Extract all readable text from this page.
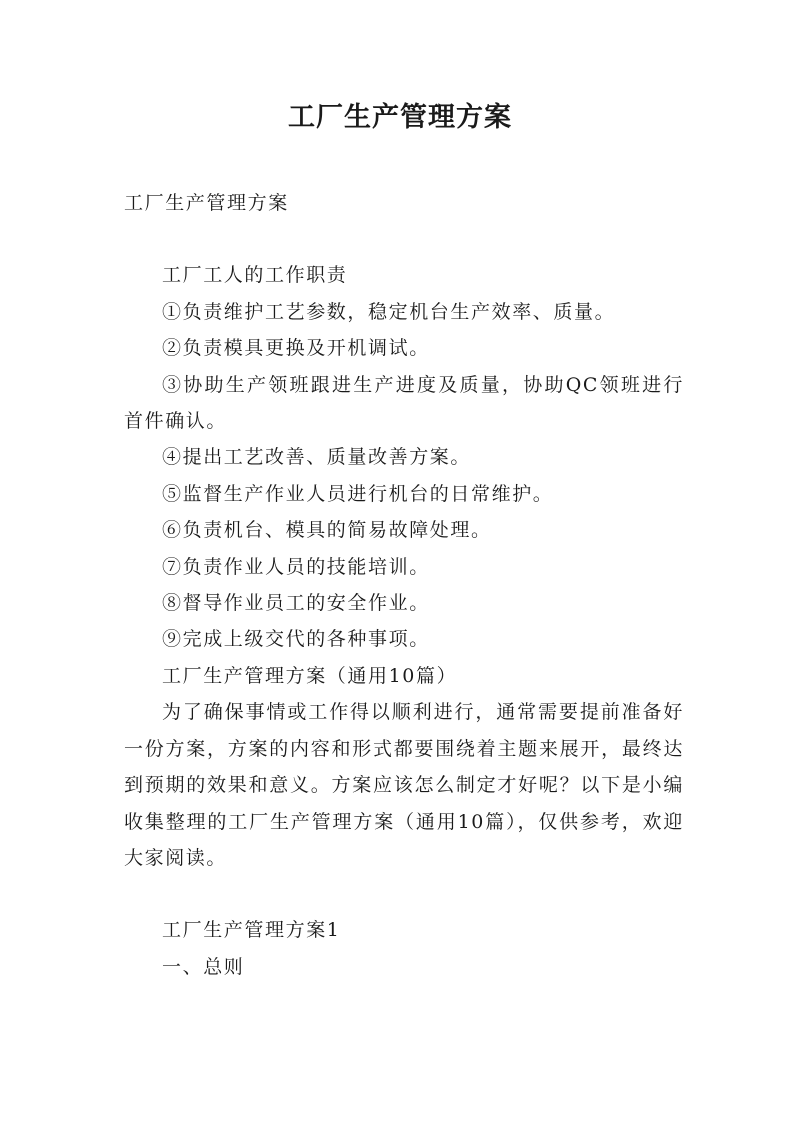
工厂生产管理方案

工厂生产管理方案

工厂工人的工作职责

①负责维护工艺参数，稳定机台生产效率、质量。

②负责模具更换及开机调试。

③协助生产领班跟进生产进度及质量，协助QC领班进行首件确认。

④提出工艺改善、质量改善方案。

⑤监督生产作业人员进行机台的日常维护。

⑥负责机台、模具的简易故障处理。

⑦负责作业人员的技能培训。

⑧督导作业员工的安全作业。

⑨完成上级交代的各种事项。

工厂生产管理方案（通用10篇）

为了确保事情或工作得以顺利进行，通常需要提前准备好一份方案，方案的内容和形式都要围绕着主题来展开，最终达到预期的效果和意义。方案应该怎么制定才好呢？以下是小编收集整理的工厂生产管理方案（通用10篇），仅供参考，欢迎大家阅读。

工厂生产管理方案1

一、总则
